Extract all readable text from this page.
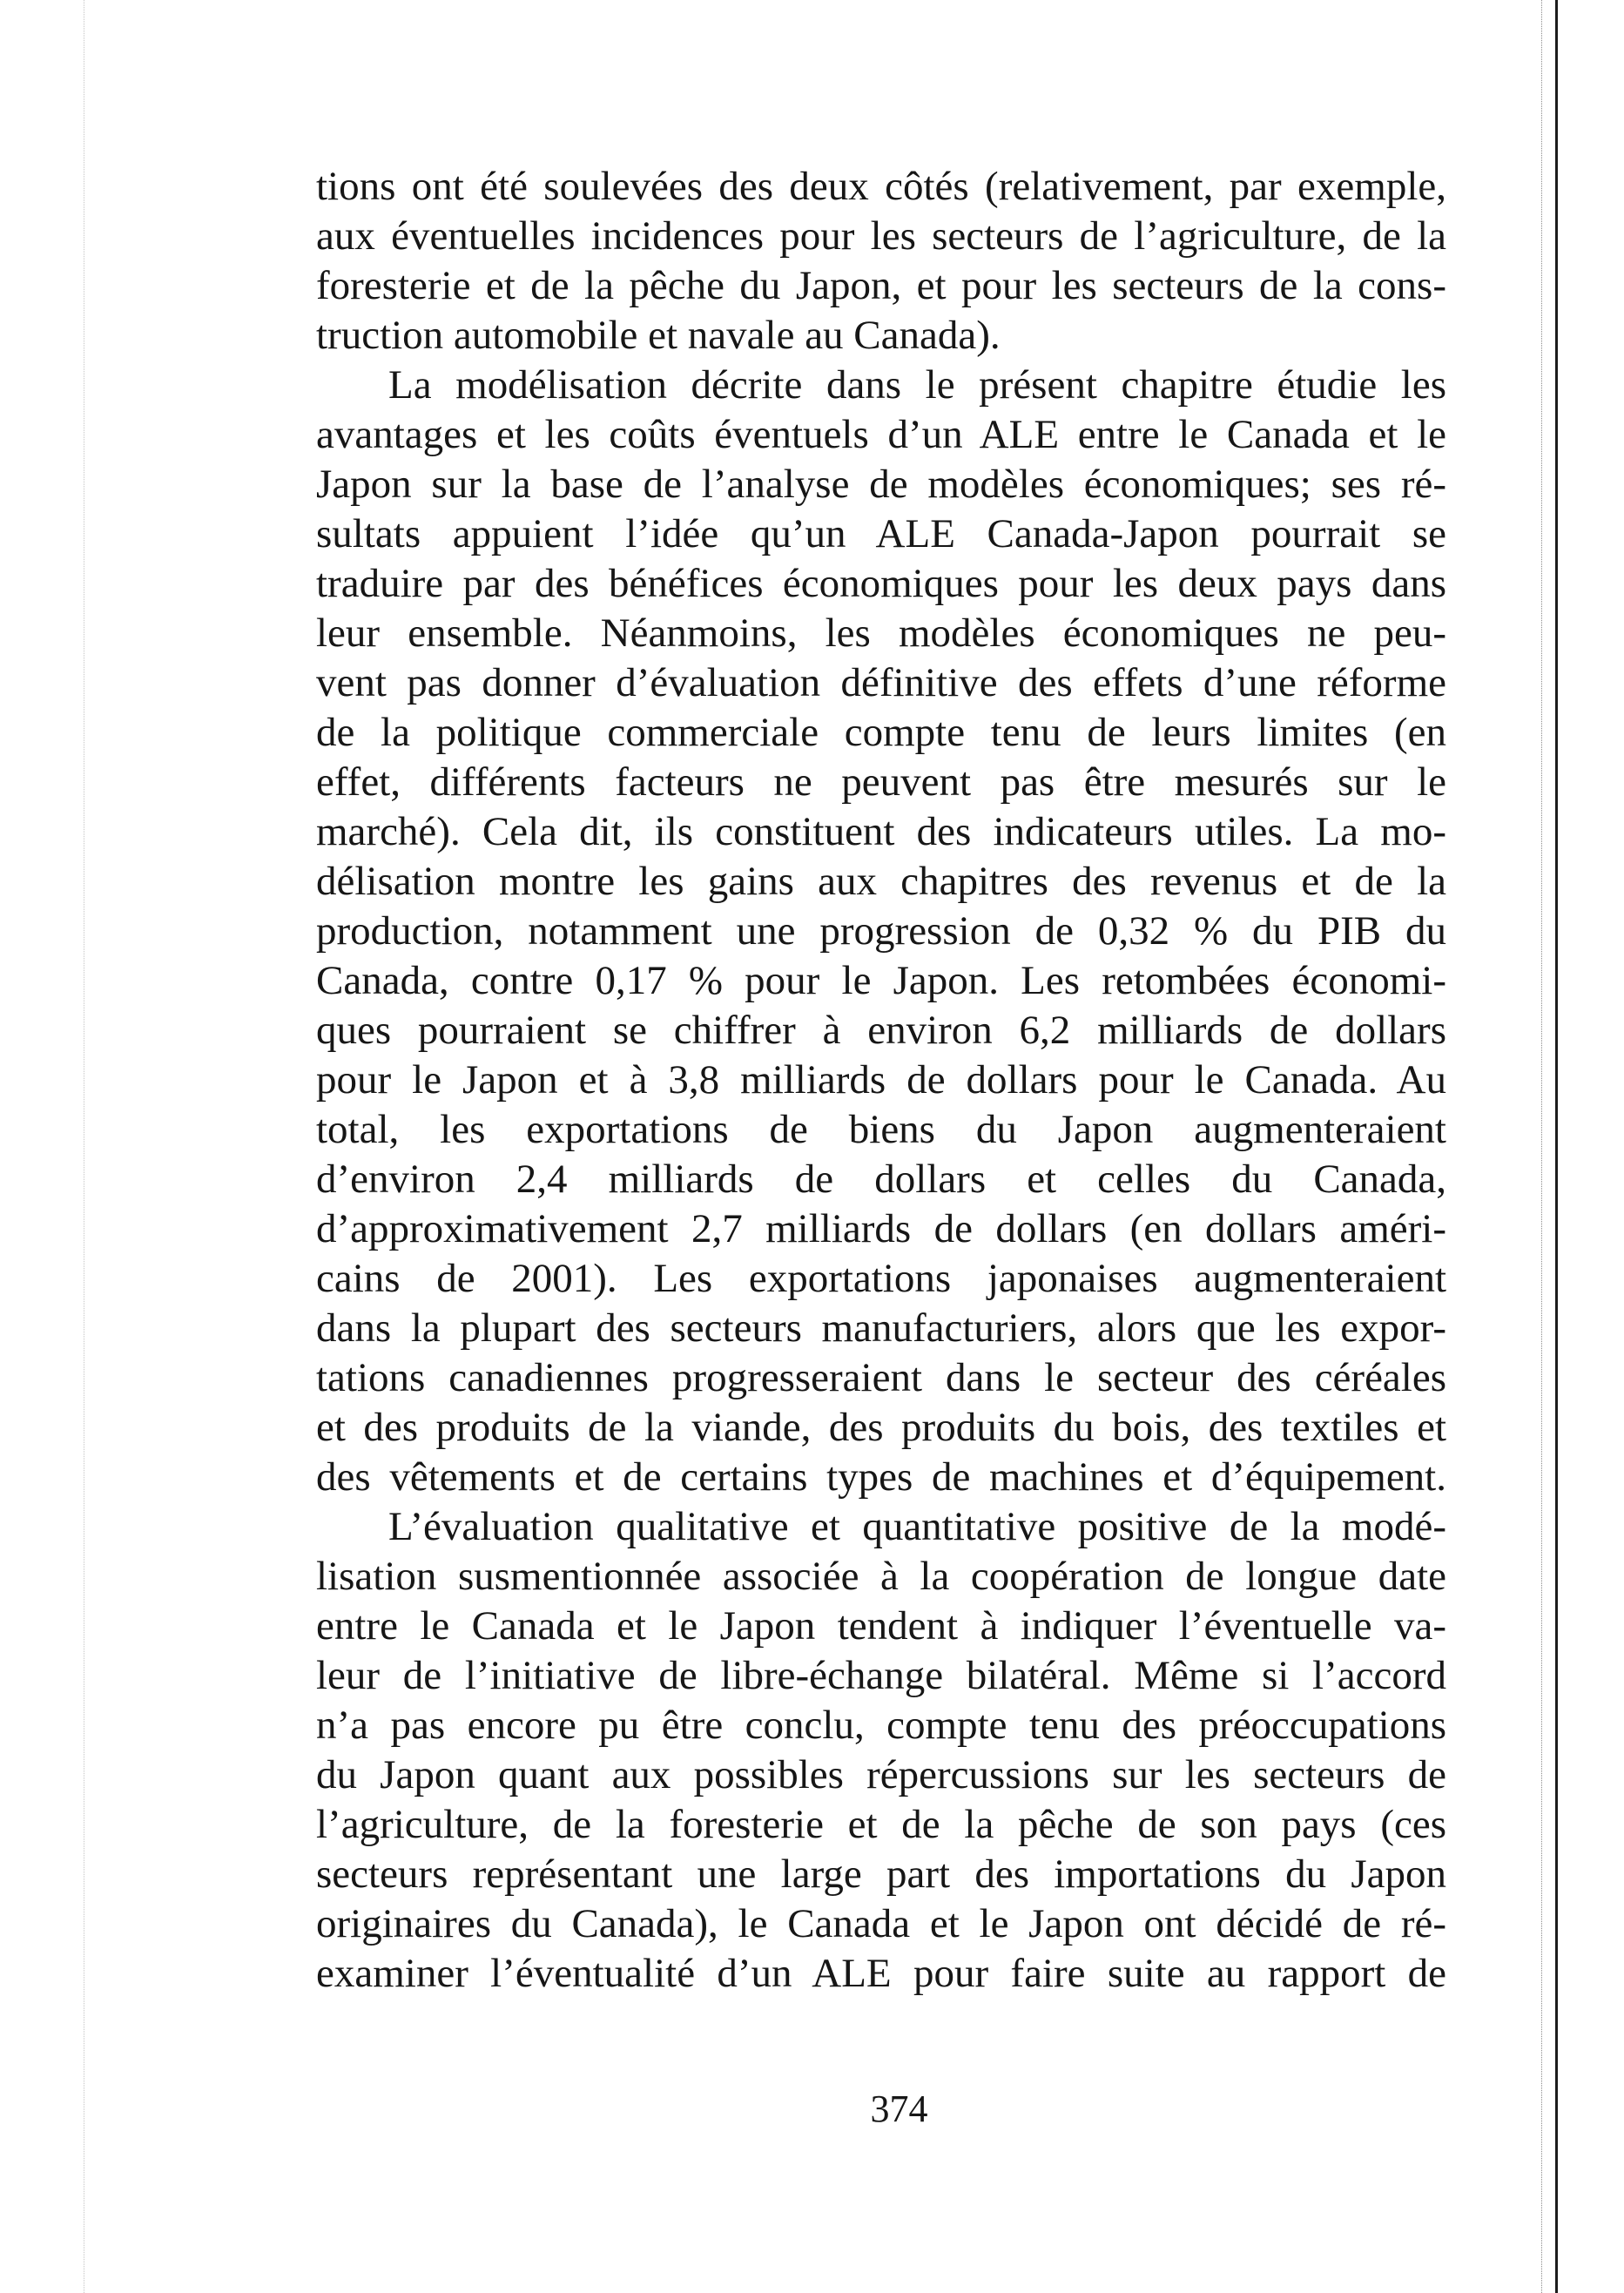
tions ont été soulevées des deux côtés (relativement, par exemple,
aux éventuelles incidences pour les secteurs de l’agriculture, de la
foresterie et de la pêche du Japon, et pour les secteurs de la cons-
truction automobile et navale au Canada).
La modélisation décrite dans le présent chapitre étudie les
avantages et les coûts éventuels d’un ALE entre le Canada et le
Japon sur la base de l’analyse de modèles économiques; ses ré-
sultats appuient l’idée qu’un ALE Canada-Japon pourrait se
traduire par des bénéfices économiques pour les deux pays dans
leur ensemble. Néanmoins, les modèles économiques ne peu-
vent pas donner d’évaluation définitive des effets d’une réforme
de la politique commerciale compte tenu de leurs limites (en
effet, différents facteurs ne peuvent pas être mesurés sur le
marché). Cela dit, ils constituent des indicateurs utiles. La mo-
délisation montre les gains aux chapitres des revenus et de la
production, notamment une progression de 0,32 % du PIB du
Canada, contre 0,17 % pour le Japon. Les retombées économi-
ques pourraient se chiffrer à environ 6,2 milliards de dollars
pour le Japon et à 3,8 milliards de dollars pour le Canada. Au
total, les exportations de biens du Japon augmenteraient
d’environ 2,4 milliards de dollars et celles du Canada,
d’approximativement 2,7 milliards de dollars (en dollars améri-
cains de 2001). Les exportations japonaises augmenteraient
dans la plupart des secteurs manufacturiers, alors que les expor-
tations canadiennes progresseraient dans le secteur des céréales
et des produits de la viande, des produits du bois, des textiles et
des vêtements et de certains types de machines et d’équipement.
L’évaluation qualitative et quantitative positive de la modé-
lisation susmentionnée associée à la coopération de longue date
entre le Canada et le Japon tendent à indiquer l’éventuelle va-
leur de l’initiative de libre-échange bilatéral. Même si l’accord
n’a pas encore pu être conclu, compte tenu des préoccupations
du Japon quant aux possibles répercussions sur les secteurs de
l’agriculture, de la foresterie et de la pêche de son pays (ces
secteurs représentant une large part des importations du Japon
originaires du Canada), le Canada et le Japon ont décidé de ré-
examiner l’éventualité d’un ALE pour faire suite au rapport de
374
